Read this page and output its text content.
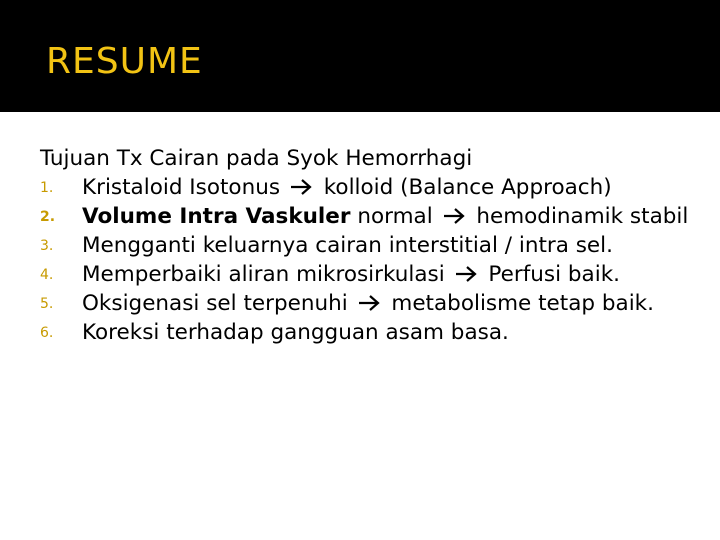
RESUME
Tujuan Tx Cairan pada Syok Hemorrhagi
1.	Kristaloid Isotonus kolloid (Balance Approach)
2.	Volume Intra Vaskuler normal hemodinamik stabil
3.	Mengganti keluarnya cairan interstitial / intra sel.
4.	Memperbaiki aliran mikrosirkulasi Perfusi baik.
5.	Oksigenasi sel terpenuhi  metabolisme tetap baik.
6.	Koreksi terhadap gangguan asam basa.
